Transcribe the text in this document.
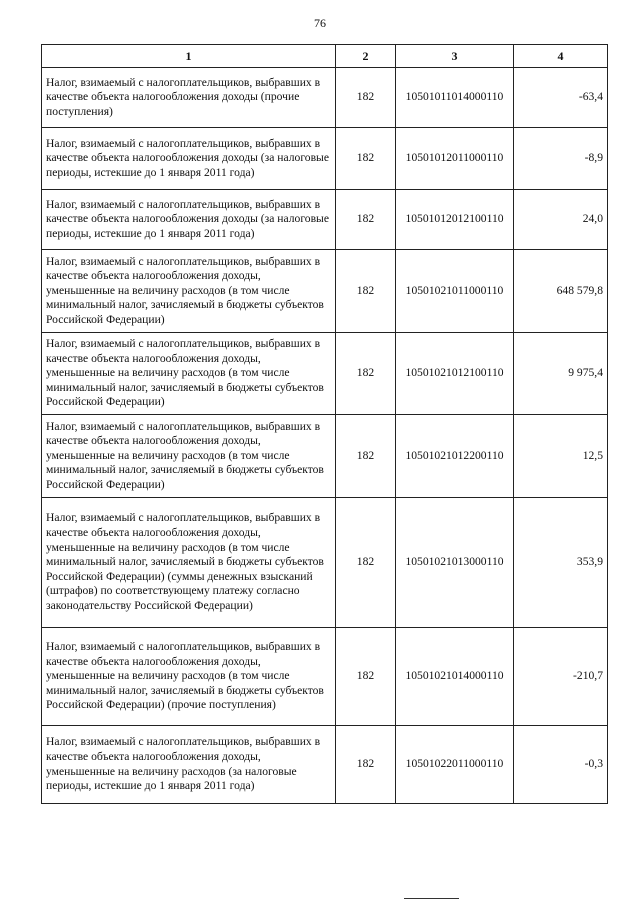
76
1	2	3	4
Налог, взимаемый с налогоплательщиков, выбравших в качестве объекта налогообложения доходы (прочие поступления)	182	10501011014000110	-63,4
Налог, взимаемый с налогоплательщиков, выбравших в качестве объекта налогообложения доходы (за налоговые периоды, истекшие до 1 января 2011 года)	182	10501012011000110	-8,9
Налог, взимаемый с налогоплательщиков, выбравших в качестве объекта налогообложения доходы (за налоговые периоды, истекшие до 1 января 2011 года)	182	10501012012100110	24,0
Налог, взимаемый с налогоплательщиков, выбравших в качестве объекта налогообложения доходы, уменьшенные на величину расходов (в том числе минимальный налог, зачисляемый в бюджеты субъектов Российской Федерации)	182	10501021011000110	648 579,8
Налог, взимаемый с налогоплательщиков, выбравших в качестве объекта налогообложения доходы, уменьшенные на величину расходов (в том числе минимальный налог, зачисляемый в бюджеты субъектов Российской Федерации)	182	10501021012100110	9 975,4
Налог, взимаемый с налогоплательщиков, выбравших в качестве объекта налогообложения доходы, уменьшенные на величину расходов (в том числе минимальный налог, зачисляемый в бюджеты субъектов Российской Федерации)	182	10501021012200110	12,5
Налог, взимаемый с налогоплательщиков, выбравших в качестве объекта налогообложения доходы, уменьшенные на величину расходов (в том числе минимальный налог, зачисляемый в бюджеты субъектов Российской Федерации) (суммы денежных взысканий (штрафов) по соответствующему платежу согласно законодательству Российской Федерации)	182	10501021013000110	353,9
Налог, взимаемый с налогоплательщиков, выбравших в качестве объекта налогообложения доходы, уменьшенные на величину расходов (в том числе минимальный налог, зачисляемый в бюджеты субъектов Российской Федерации) (прочие поступления)	182	10501021014000110	-210,7
Налог, взимаемый с налогоплательщиков, выбравших в качестве объекта налогообложения доходы, уменьшенные на величину расходов (за налоговые периоды, истекшие до 1 января 2011 года)	182	10501022011000110	-0,3
